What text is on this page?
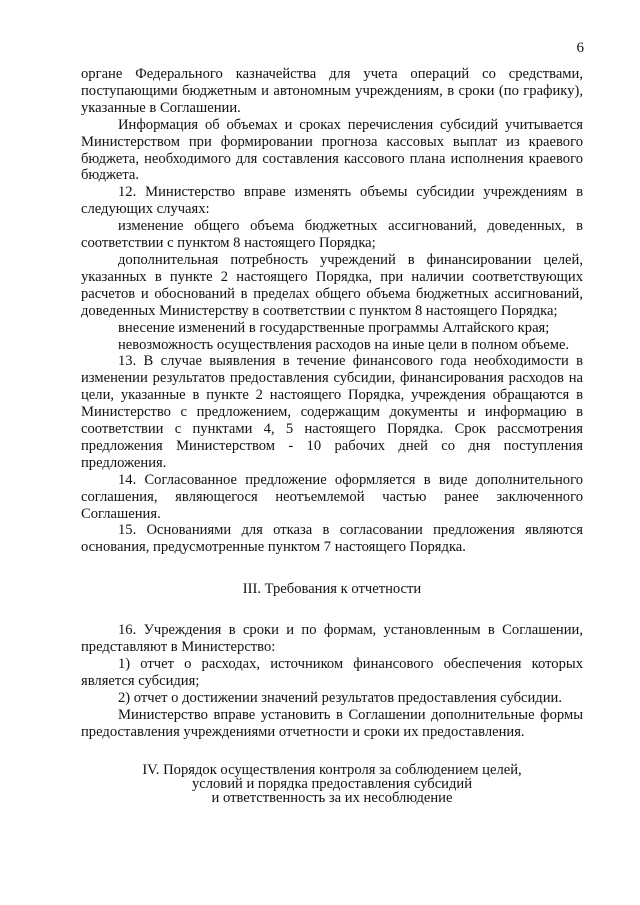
6

органе Федерального казначейства для учета операций со средствами, поступающими бюджетным и автономным учреждениям, в сроки (по графику), указанные в Соглашении.

Информация об объемах и сроках перечисления субсидий учитывается Министерством при формировании прогноза кассовых выплат из краевого бюджета, необходимого для составления кассового плана исполнения краевого бюджета.

12. Министерство вправе изменять объемы субсидии учреждениям в следующих случаях:

изменение общего объема бюджетных ассигнований, доведенных, в соответствии с пунктом 8 настоящего Порядка;

дополнительная потребность учреждений в финансировании целей, указанных в пункте 2 настоящего Порядка, при наличии соответствующих расчетов и обоснований в пределах общего объема бюджетных ассигнований, доведенных Министерству в соответствии с пунктом 8 настоящего Порядка;

внесение изменений в государственные программы Алтайского края;

невозможность осуществления расходов на иные цели в полном объеме.

13. В случае выявления в течение финансового года необходимости в изменении результатов предоставления субсидии, финансирования расходов на цели, указанные в пункте 2 настоящего Порядка, учреждения обращаются в Министерство с предложением, содержащим документы и информацию в соответствии с пунктами 4, 5 настоящего Порядка. Срок рассмотрения предложения Министерством - 10 рабочих дней со дня поступления предложения.

14. Согласованное предложение оформляется в виде дополнительного соглашения, являющегося неотъемлемой частью ранее заключенного Соглашения.

15. Основаниями для отказа в согласовании предложения являются основания, предусмотренные пунктом 7 настоящего Порядка.

III. Требования к отчетности

16. Учреждения в сроки и по формам, установленным в Соглашении, представляют в Министерство:

1) отчет о расходах, источником финансового обеспечения которых является субсидия;

2) отчет о достижении значений результатов предоставления субсидии.

Министерство вправе установить в Соглашении дополнительные формы предоставления учреждениями отчетности и сроки их предоставления.

IV. Порядок осуществления контроля за соблюдением целей,
условий и порядка предоставления субсидий
и ответственность за их несоблюдение
